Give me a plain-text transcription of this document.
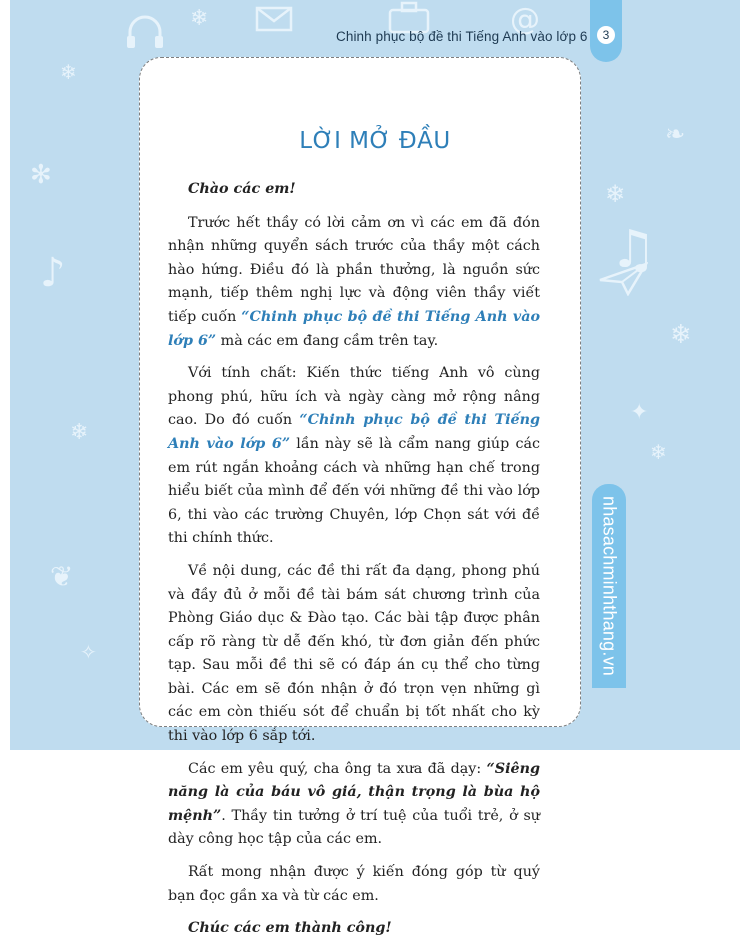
@
❄
❄
✻
❄
❄
❄
❄
♫
♪
✦
❦
✧
❧
Chinh phục bộ đề thi Tiếng Anh vào lớp 6	3
nhasachminhthang.vn
LỜI MỞ ĐẦU

Chào các em!

Trước hết thầy có lời cảm ơn vì các em đã đón nhận những quyển sách trước của thầy một cách hào hứng. Điều đó là phần thưởng, là nguồn sức mạnh, tiếp thêm nghị lực và động viên thầy viết tiếp cuốn “Chinh phục bộ đề thi Tiếng Anh vào lớp 6” mà các em đang cầm trên tay.

Với tính chất: Kiến thức tiếng Anh vô cùng phong phú, hữu ích và ngày càng mở rộng nâng cao. Do đó cuốn “Chinh phục bộ đề thi Tiếng Anh vào lớp 6” lần này sẽ là cẩm nang giúp các em rút ngắn khoảng cách và những hạn chế trong hiểu biết của mình để đến với những đề thi vào lớp 6, thi vào các trường Chuyên, lớp Chọn sát với đề thi chính thức.

Về nội dung, các đề thi rất đa dạng, phong phú và đầy đủ ở mỗi đề tài bám sát chương trình của Phòng Giáo dục & Đào tạo. Các bài tập được phân cấp rõ ràng từ dễ đến khó, từ đơn giản đến phức tạp. Sau mỗi đề thi sẽ có đáp án cụ thể cho từng bài. Các em sẽ đón nhận ở đó trọn vẹn những gì các em còn thiếu sót để chuẩn bị tốt nhất cho kỳ thi vào lớp 6 sắp tới.

Các em yêu quý, cha ông ta xưa đã dạy: “Siêng năng là của báu vô giá, thận trọng là bùa hộ mệnh”. Thầy tin tưởng ở trí tuệ của tuổi trẻ, ở sự dày công học tập của các em.

Rất mong nhận được ý kiến đóng góp từ quý bạn đọc gần xa và từ các em.

Chúc các em thành công!
